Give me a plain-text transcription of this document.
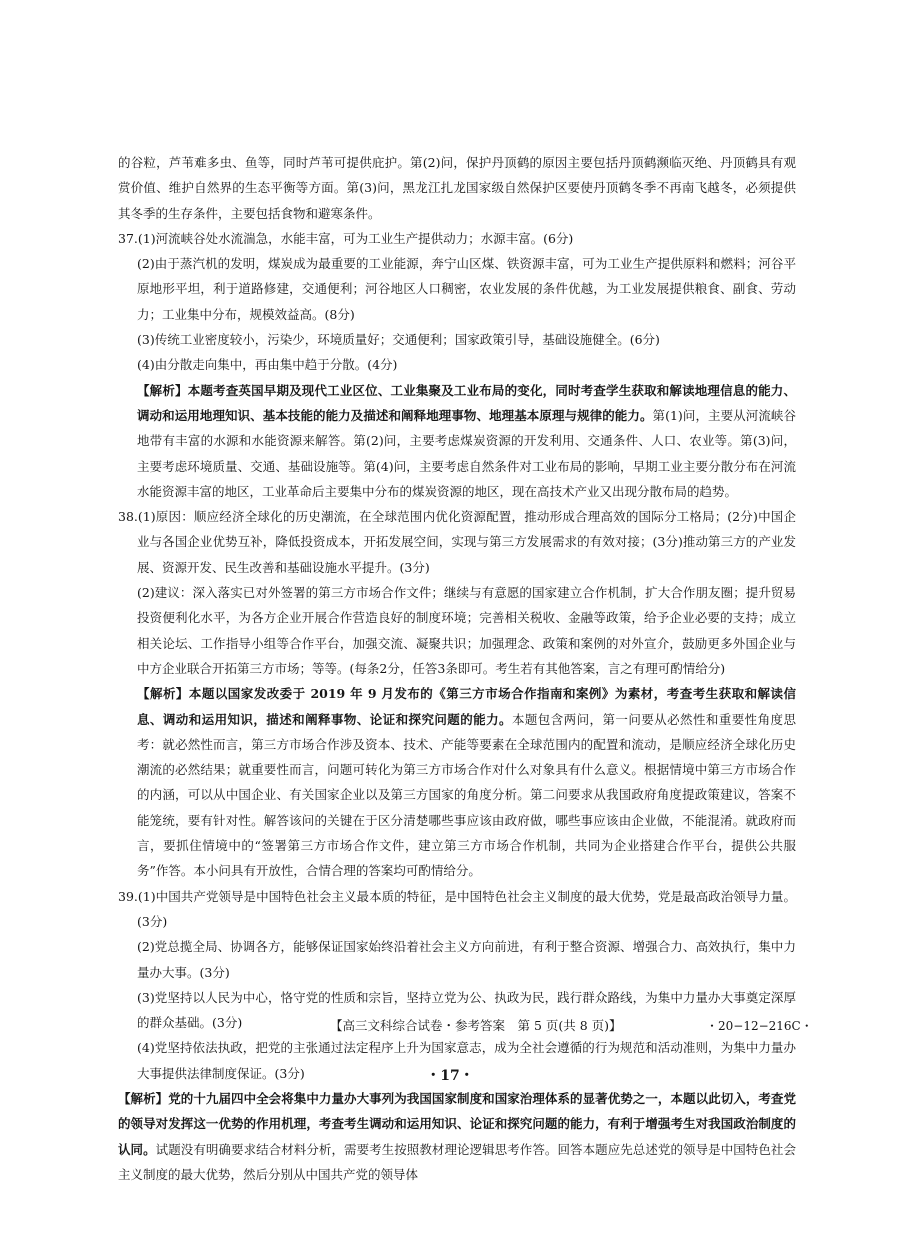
的谷粒，芦苇难多虫、鱼等，同时芦苇可提供庇护。第(2)问，保护丹顶鹤的原因主要包括丹顶鹤濒临灭绝、丹顶鹤具有观赏价值、维护自然界的生态平衡等方面。第(3)问，黑龙江扎龙国家级自然保护区要使丹顶鹤冬季不再南飞越冬，必须提供其冬季的生存条件，主要包括食物和避寒条件。

37.(1)河流峡谷处水流湍急，水能丰富，可为工业生产提供动力；水源丰富。(6分)

(2)由于蒸汽机的发明，煤炭成为最重要的工业能源，奔宁山区煤、铁资源丰富，可为工业生产提供原料和燃料；河谷平原地形平坦，利于道路修建，交通便利；河谷地区人口稠密，农业发展的条件优越，为工业发展提供粮食、副食、劳动力；工业集中分布，规模效益高。(8分)

(3)传统工业密度较小，污染少，环境质量好；交通便利；国家政策引导，基础设施健全。(6分)

(4)由分散走向集中，再由集中趋于分散。(4分)

【解析】本题考查英国早期及现代工业区位、工业集聚及工业布局的变化，同时考查学生获取和解读地理信息的能力、调动和运用地理知识、基本技能的能力及描述和阐释地理事物、地理基本原理与规律的能力。第(1)问，主要从河流峡谷地带有丰富的水源和水能资源来解答。第(2)问，主要考虑煤炭资源的开发利用、交通条件、人口、农业等。第(3)问，主要考虑环境质量、交通、基础设施等。第(4)问，主要考虑自然条件对工业布局的影响，早期工业主要分散分布在河流水能资源丰富的地区，工业革命后主要集中分布的煤炭资源的地区，现在高技术产业又出现分散布局的趋势。

38.(1)原因：顺应经济全球化的历史潮流，在全球范围内优化资源配置，推动形成合理高效的国际分工格局；(2分)中国企业与各国企业优势互补，降低投资成本，开拓发展空间，实现与第三方发展需求的有效对接；(3分)推动第三方的产业发展、资源开发、民生改善和基础设施水平提升。(3分)

(2)建议：深入落实已对外签署的第三方市场合作文件；继续与有意愿的国家建立合作机制，扩大合作朋友圈；提升贸易投资便利化水平，为各方企业开展合作营造良好的制度环境；完善相关税收、金融等政策，给予企业必要的支持；成立相关论坛、工作指导小组等合作平台，加强交流、凝聚共识；加强理念、政策和案例的对外宣介，鼓励更多外国企业与中方企业联合开拓第三方市场；等等。(每条2分，任答3条即可。考生若有其他答案，言之有理可酌情给分)

【解析】本题以国家发改委于 2019 年 9 月发布的《第三方市场合作指南和案例》为素材，考查考生获取和解读信息、调动和运用知识，描述和阐释事物、论证和探究问题的能力。本题包含两问，第一问要从必然性和重要性角度思考：就必然性而言，第三方市场合作涉及资本、技术、产能等要素在全球范围内的配置和流动，是顺应经济全球化历史潮流的必然结果；就重要性而言，问题可转化为第三方市场合作对什么对象具有什么意义。根据情境中第三方市场合作的内涵，可以从中国企业、有关国家企业以及第三方国家的角度分析。第二问要求从我国政府角度提政策建议，答案不能笼统，要有针对性。解答该问的关键在于区分清楚哪些事应该由政府做，哪些事应该由企业做，不能混淆。就政府而言，要抓住情境中的“签署第三方市场合作文件，建立第三方市场合作机制，共同为企业搭建合作平台，提供公共服务”作答。本小问具有开放性，合情合理的答案均可酌情给分。

39.(1)中国共产党领导是中国特色社会主义最本质的特征，是中国特色社会主义制度的最大优势，党是最高政治领导力量。(3分)

(2)党总揽全局、协调各方，能够保证国家始终沿着社会主义方向前进，有利于整合资源、增强合力、高效执行，集中力量办大事。(3分)

(3)党坚持以人民为中心，恪守党的性质和宗旨，坚持立党为公、执政为民，践行群众路线，为集中力量办大事奠定深厚的群众基础。(3分)

(4)党坚持依法执政，把党的主张通过法定程序上升为国家意志，成为全社会遵循的行为规范和活动准则，为集中力量办大事提供法律制度保证。(3分)

【解析】党的十九届四中全会将集中力量办大事列为我国国家制度和国家治理体系的显著优势之一，本题以此切入，考查党的领导对发挥这一优势的作用机理，考查考生调动和运用知识、论证和探究问题的能力，有利于增强考生对我国政治制度的认同。试题没有明确要求结合材料分析，需要考生按照教材理论逻辑思考作答。回答本题应先总述党的领导是中国特色社会主义制度的最大优势，然后分别从中国共产党的领导体

【高三文科综合试卷・参考答案　第 5 页(共 8 页)】	・20−12−216C・
・17・
